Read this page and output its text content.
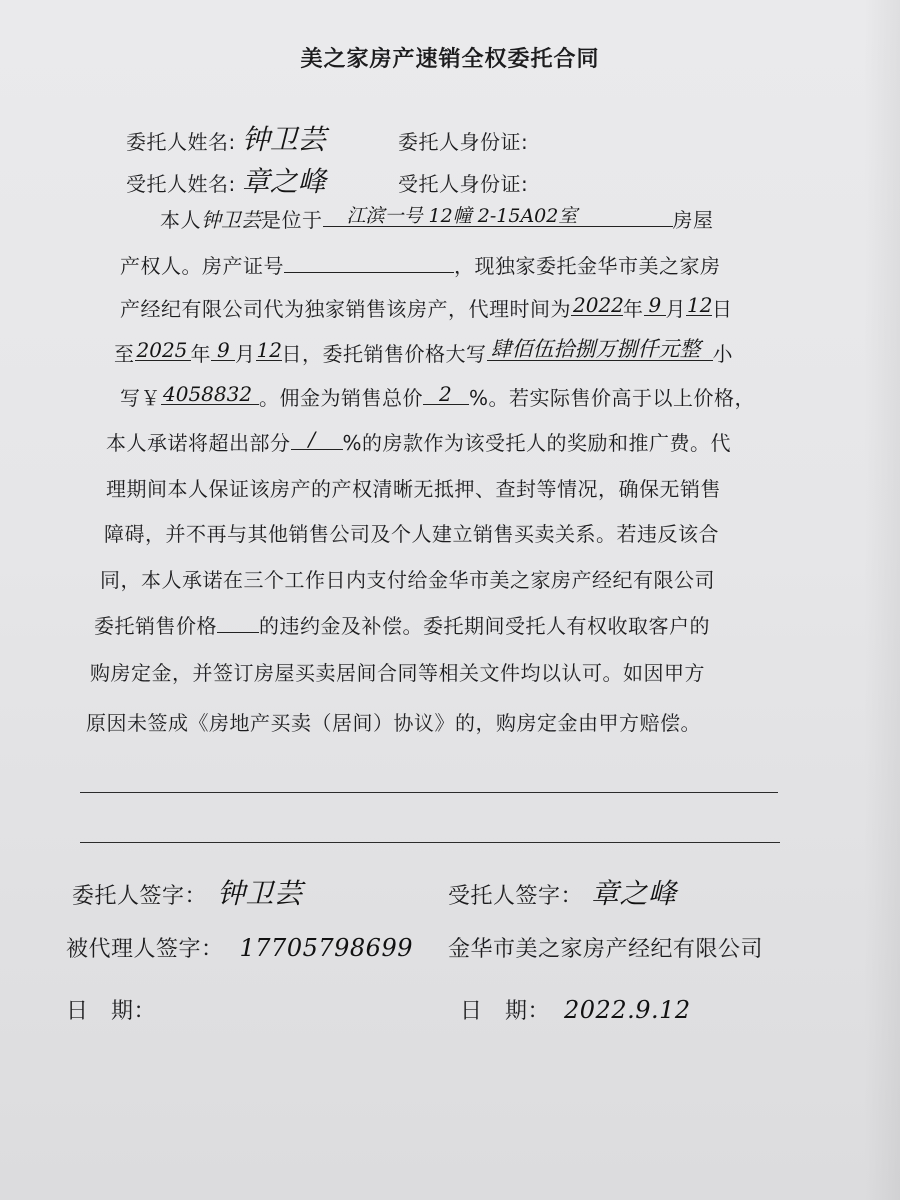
美之家房产速销全权委托合同
委托人姓名: 钟卫芸	委托人身份证:
受托人姓名: 章之峰	受托人身份证:
本人钟卫芸是位于 江滨一号 12幢 2-15A02室	房屋
产权人。房产证号	，现独家委托金华市美之家房
产经纪有限公司代为独家销售该房产，代理时间为 2022 年 9 月 12 日
至 2025 年 9 月 12 日，委托销售价格大写 肆佰伍拾捌万捌仟元整 小
写￥ 4058832 。佣金为销售总价 2 %。若实际售价高于以上价格，
本人承诺将超出部分 / %的房款作为该受托人的奖励和推广费。代
理期间本人保证该房产的产权清晰无抵押、查封等情况，确保无销售
障碍，并不再与其他销售公司及个人建立销售买卖关系。若违反该合
同，本人承诺在三个工作日内支付给金华市美之家房产经纪有限公司
委托销售价格 的违约金及补偿。委托期间受托人有权收取客户的
购房定金，并签订房屋买卖居间合同等相关文件均以认可。如因甲方
原因未签成《房地产买卖（居间）协议》的，购房定金由甲方赔偿。
委托人签字： 钟卫芸	受托人签字： 章之峰
被代理人签字： 17705798699 金华市美之家房产经纪有限公司
日　期：	日　期： 2022.9.12
